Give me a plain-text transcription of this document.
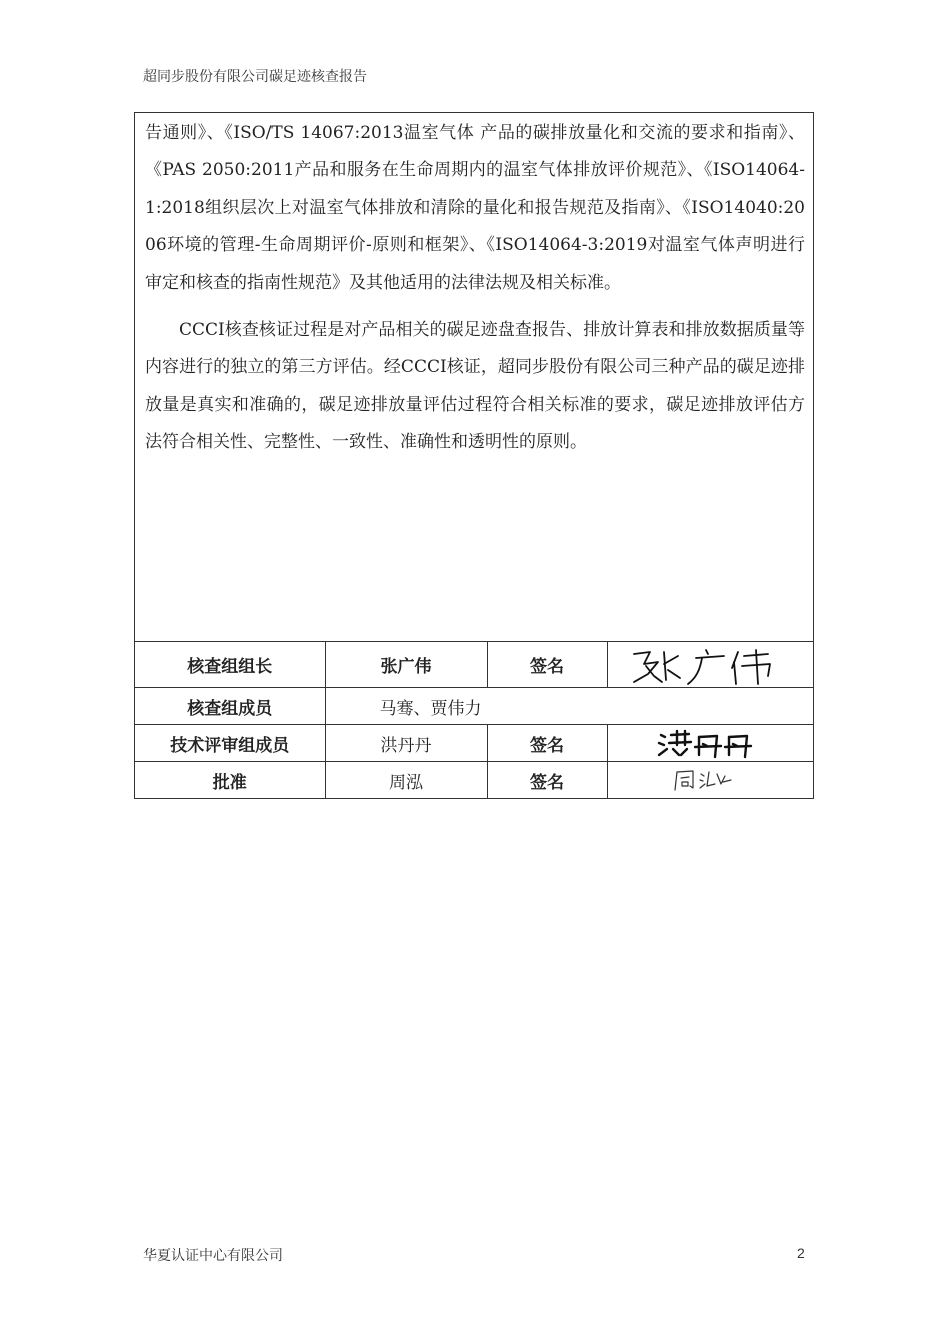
超同步股份有限公司碳足迹核查报告

告通则》、《ISO/TS 14067:2013温室气体 产品的碳排放量化和交流的要求和指南》、《PAS 2050:2011产品和服务在生命周期内的温室气体排放评价规范》、《ISO14064-1:2018组织层次上对温室气体排放和清除的量化和报告规范及指南》、《ISO14040:2006环境的管理-生命周期评价-原则和框架》、《ISO14064-3:2019对温室气体声明进行审定和核查的指南性规范》及其他适用的法律法规及相关标准。

CCCI核查核证过程是对产品相关的碳足迹盘查报告、排放计算表和排放数据质量等内容进行的独立的第三方评估。经CCCI核证，超同步股份有限公司三种产品的碳足迹排放量是真实和准确的，碳足迹排放量评估过程符合相关标准的要求，碳足迹排放评估方法符合相关性、完整性、一致性、准确性和透明性的原则。

核查组组长	张广伟	签名	

核查组成员	马骞、贾伟力		
技术评审组成员	洪丹丹	签名	

批准	周泓	签名	
华夏认证中心有限公司	2
